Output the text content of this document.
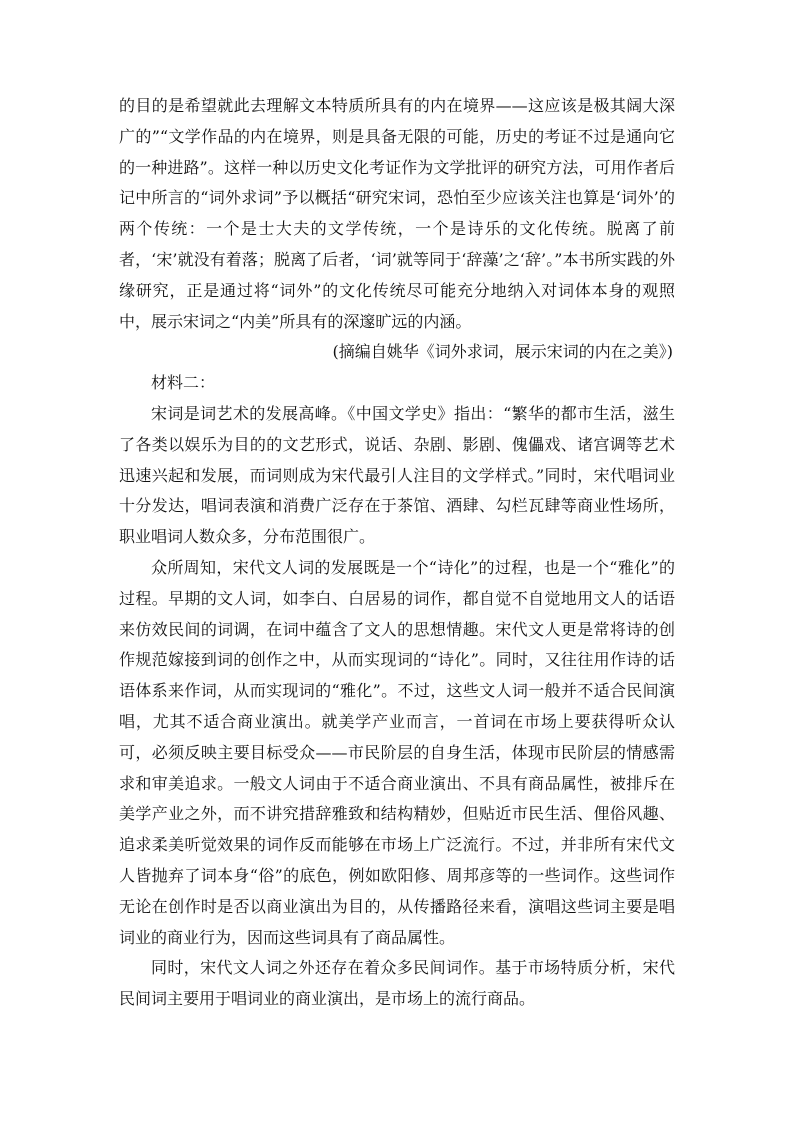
的目的是希望就此去理解文本特质所具有的内在境界——这应该是极其阔大深广的”“文学作品的内在境界，则是具备无限的可能，历史的考证不过是通向它的一种进路”。这样一种以历史文化考证作为文学批评的研究方法，可用作者后记中所言的“词外求词”予以概括“研究宋词，恐怕至少应该关注也算是‘词外’的两个传统：一个是士大夫的文学传统，一个是诗乐的文化传统。脱离了前者，‘宋’就没有着落；脱离了后者，‘词’就等同于‘辞藻’之‘辞’。”本书所实践的外缘研究，正是通过将“词外”的文化传统尽可能充分地纳入对词体本身的观照中，展示宋词之“内美”所具有的深邃旷远的内涵。

(摘编自姚华《词外求词，展示宋词的内在之美》)

材料二：

宋词是词艺术的发展高峰。《中国文学史》指出：“繁华的都市生活，滋生了各类以娱乐为目的的文艺形式，说话、杂剧、影剧、傀儡戏、诸宫调等艺术迅速兴起和发展，而词则成为宋代最引人注目的文学样式。”同时，宋代唱词业十分发达，唱词表演和消费广泛存在于茶馆、酒肆、勾栏瓦肆等商业性场所，职业唱词人数众多，分布范围很广。

众所周知，宋代文人词的发展既是一个“诗化”的过程，也是一个“雅化”的过程。早期的文人词，如李白、白居易的词作，都自觉不自觉地用文人的话语来仿效民间的词调，在词中蕴含了文人的思想情趣。宋代文人更是常将诗的创作规范嫁接到词的创作之中，从而实现词的“诗化”。同时，又往往用作诗的话语体系来作词，从而实现词的“雅化”。不过，这些文人词一般并不适合民间演唱，尤其不适合商业演出。就美学产业而言，一首词在市场上要获得听众认可，必须反映主要目标受众——市民阶层的自身生活，体现市民阶层的情感需求和审美追求。一般文人词由于不适合商业演出、不具有商品属性，被排斥在美学产业之外，而不讲究措辞雅致和结构精妙，但贴近市民生活、俚俗风趣、追求柔美听觉效果的词作反而能够在市场上广泛流行。不过，并非所有宋代文人皆抛弃了词本身“俗”的底色，例如欧阳修、周邦彦等的一些词作。这些词作无论在创作时是否以商业演出为目的，从传播路径来看，演唱这些词主要是唱词业的商业行为，因而这些词具有了商品属性。

同时，宋代文人词之外还存在着众多民间词作。基于市场特质分析，宋代民间词主要用于唱词业的商业演出，是市场上的流行商品。
